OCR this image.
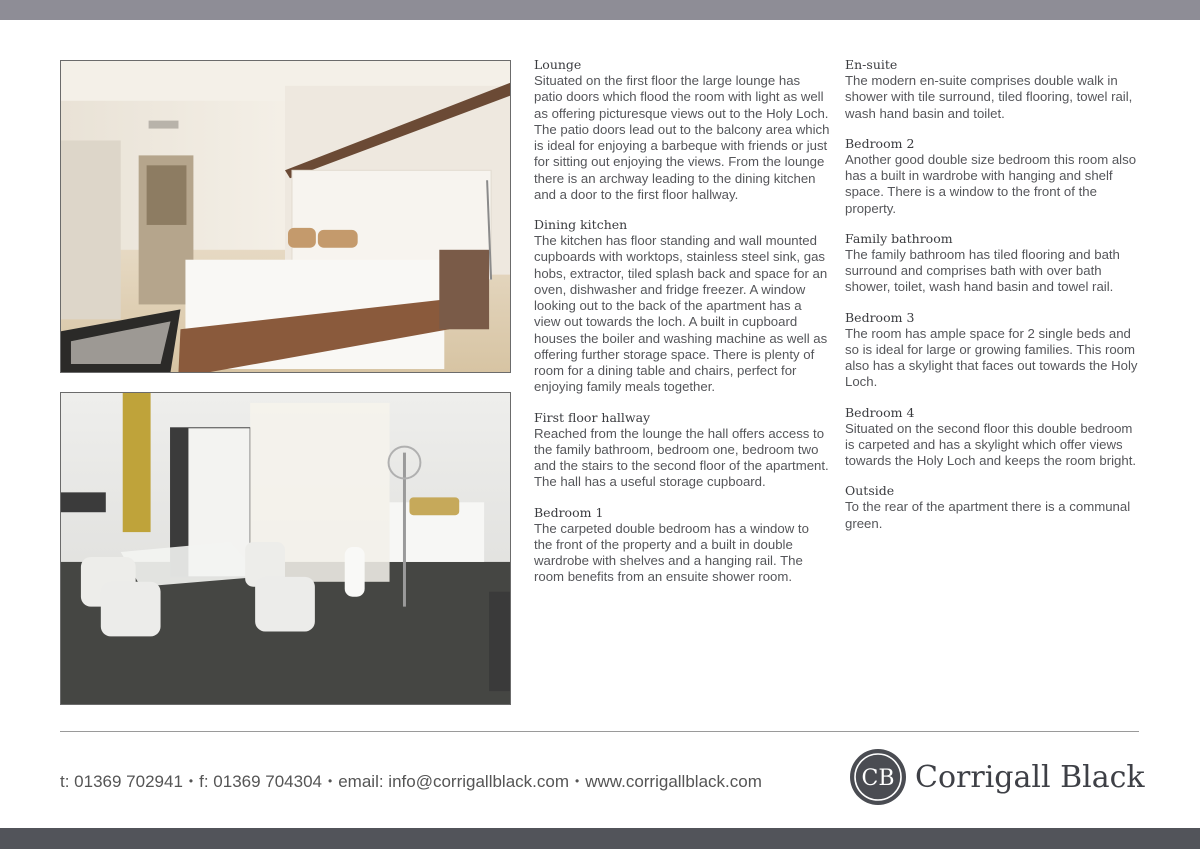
Lounge

Situated on the first floor the large lounge has patio doors which flood the room with light as well as offering picturesque views out to the Holy Loch. The patio doors lead out to the balcony area which is ideal for enjoying a barbeque with friends or just for sitting out enjoying the views. From the lounge there is an archway leading to the dining kitchen and a door to the first floor hallway.

Dining kitchen

The kitchen has floor standing and wall mounted cupboards with worktops, stainless steel sink, gas hobs, extractor, tiled splash back and space for an oven, dishwasher and fridge freezer. A window looking out to the back of the apartment has a view out towards the loch. A built in cupboard houses the boiler and washing machine as well as offering further storage space. There is plenty of room for a dining table and chairs, perfect for enjoying family meals together.

First floor hallway

Reached from the lounge the hall offers access to the family bathroom, bedroom one, bedroom two and the stairs to the second floor of the apartment. The hall has a useful storage cupboard.

Bedroom 1

The carpeted double bedroom has a window to the front of the property and a built in double wardrobe with shelves and a hanging rail. The room benefits from an ensuite shower room.

En-suite

The modern en-suite comprises double walk in shower with tile surround, tiled flooring, towel rail, wash hand basin and toilet.

Bedroom 2

Another good double size bedroom this room also has a built in wardrobe with hanging and shelf space. There is a window to the front of the property.

Family bathroom

The family bathroom has tiled flooring and bath surround and comprises bath with over bath shower, toilet, wash hand basin and towel rail.

Bedroom 3

The room has ample space for 2 single beds and so is ideal for large or growing families. This room also has a skylight that faces out towards the Holy Loch.

Bedroom 4

Situated on the second floor this double bedroom is carpeted and has a skylight which offer views towards the Holy Loch and keeps the room bright.

Outside

To the rear of the apartment there is a communal green.

t: 01369 702941 • f: 01369 704304 • email: info@corrigallblack.com • www.corrigallblack.com	CB Corrigall Black
